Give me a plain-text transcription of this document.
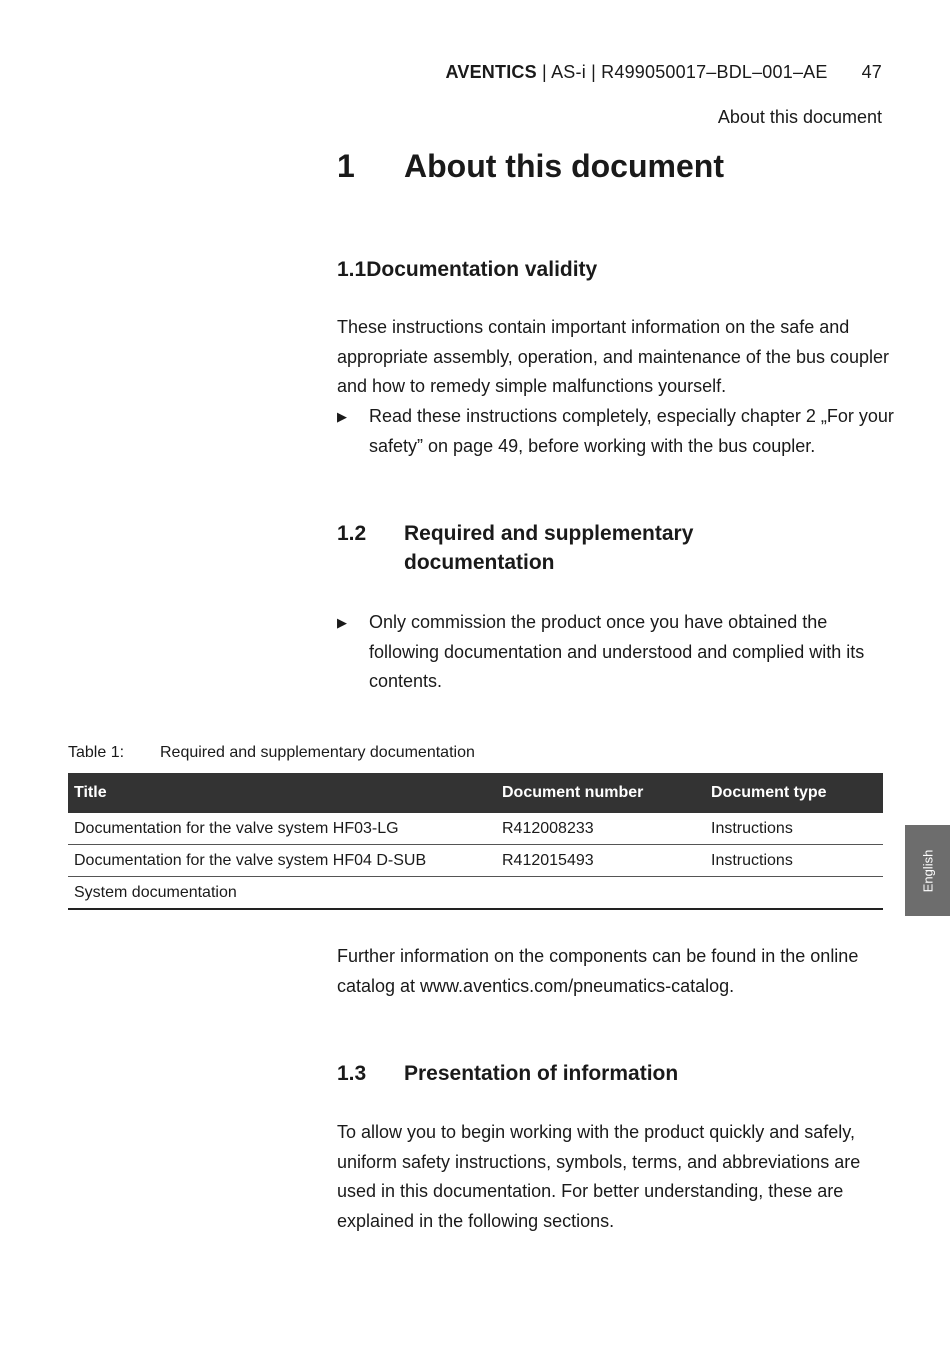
AVENTICS | AS-i | R499050017–BDL–001–AE 47
About this document
1 About this document
1.1Documentation validity
These instructions contain important information on the safe and appropriate assembly, operation, and maintenance of the bus coupler and how to remedy simple malfunctions yourself.
▶ Read these instructions completely, especially chapter 2 „For your safety” on page 49, before working with the bus coupler.
1.2 Required and supplementary
documentation
▶ Only commission the product once you have obtained the following documentation and understood and complied with its contents.
Table 1: Required and supplementary documentation
Title	Document number	Document type
Documentation for the valve system HF03-LG	R412008233	Instructions
Documentation for the valve system HF04 D-SUB	R412015493	Instructions
System documentation		
English
Further information on the components can be found in the online catalog at www.aventics.com/pneumatics-catalog.
1.3 Presentation of information
To allow you to begin working with the product quickly and safely, uniform safety instructions, symbols, terms, and abbreviations are used in this documentation. For better understanding, these are explained in the following sections.
